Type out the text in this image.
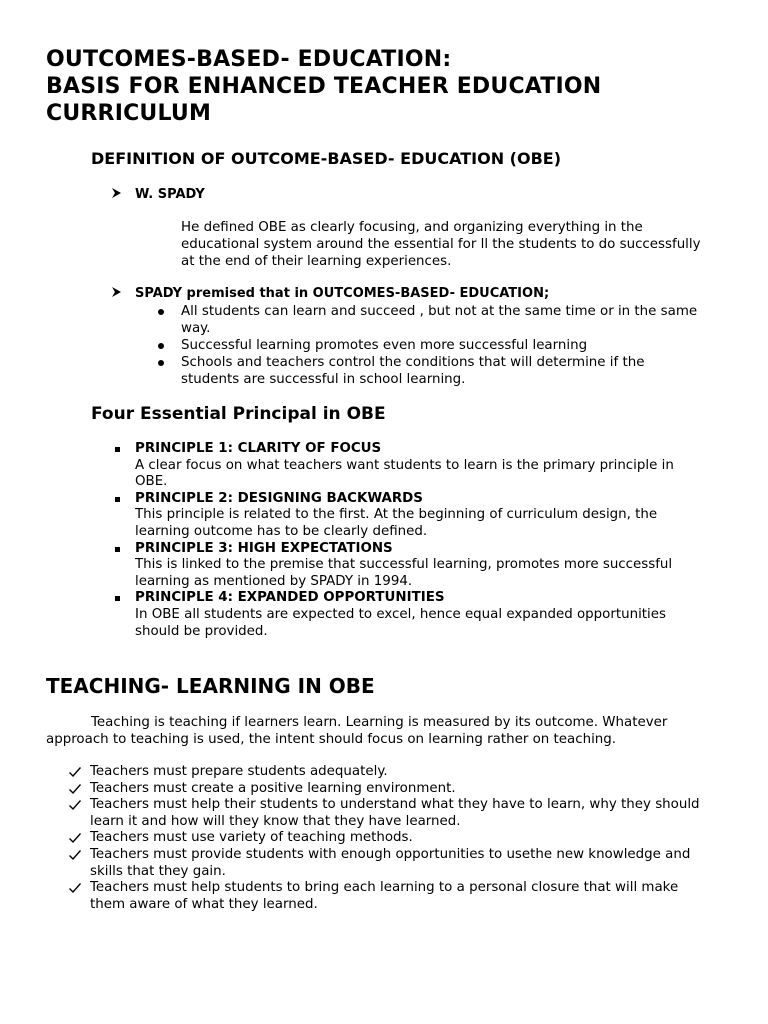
OUTCOMES-BASED- EDUCATION:
BASIS FOR ENHANCED TEACHER EDUCATION
CURRICULUM
DEFINITION OF OUTCOME-BASED- EDUCATION (OBE)
W. SPADY

He defined OBE as clearly focusing, and organizing everything in the
educational system around the essential for ll the students to do successfully
at the end of their learning experiences.

SPADY premised that in OUTCOMES-BASED- EDUCATION;
All students can learn and succeed , but not at the same time or in the same
way.
Successful learning promotes even more successful learning
Schools and teachers control the conditions that will determine if the
students are successful in school learning.
Four Essential Principal in OBE
PRINCIPLE 1: CLARITY OF FOCUS
A clear focus on what teachers want students to learn is the primary principle in
OBE.
PRINCIPLE 2: DESIGNING BACKWARDS
This principle is related to the first. At the beginning of curriculum design, the
learning outcome has to be clearly defined.
PRINCIPLE 3: HIGH EXPECTATIONS
This is linked to the premise that successful learning, promotes more successful
learning as mentioned by SPADY in 1994.
PRINCIPLE 4: EXPANDED OPPORTUNITIES
In OBE all students are expected to excel, hence equal expanded opportunities
should be provided.
TEACHING- LEARNING IN OBE

Teaching is teaching if learners learn. Learning is measured by its outcome. Whatever
approach to teaching is used, the intent should focus on learning rather on teaching.

Teachers must prepare students adequately.
Teachers must create a positive learning environment.
Teachers must help their students to understand what they have to learn, why they should
learn it and how will they know that they have learned.
Teachers must use variety of teaching methods.
Teachers must provide students with enough opportunities to usethe new knowledge and
skills that they gain.
Teachers must help students to bring each learning to a personal closure that will make
them aware of what they learned.
